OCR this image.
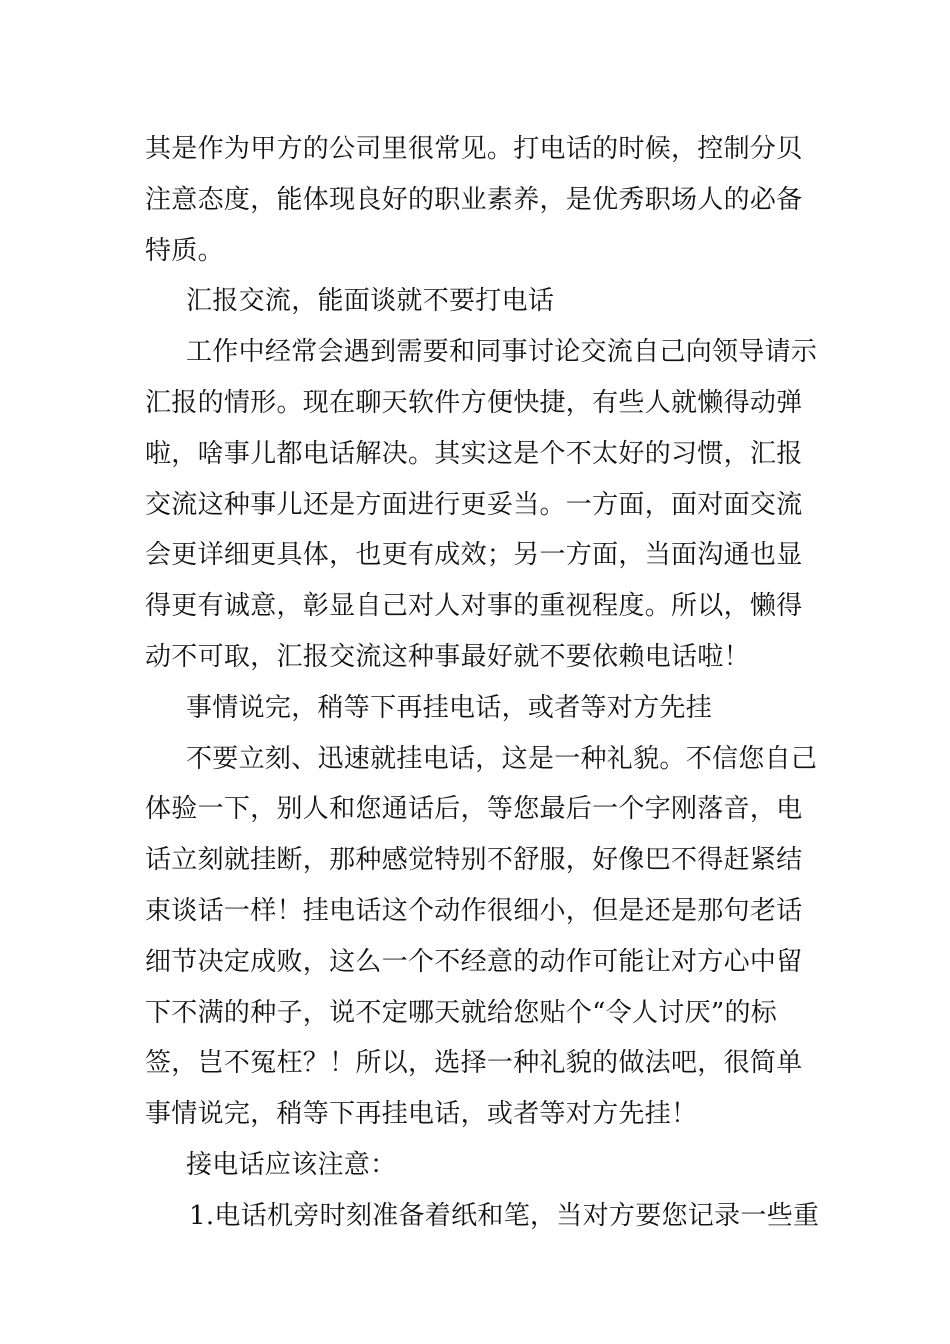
其是作为甲方的公司里很常见。打电话的时候，控制分贝
注意态度，能体现良好的职业素养，是优秀职场人的必备
特质。
汇报交流，能面谈就不要打电话
工作中经常会遇到需要和同事讨论交流自己向领导请示
汇报的情形。现在聊天软件方便快捷，有些人就懒得动弹
啦，啥事儿都电话解决。其实这是个不太好的习惯，汇报
交流这种事儿还是方面进行更妥当。一方面，面对面交流
会更详细更具体，也更有成效；另一方面，当面沟通也显
得更有诚意，彰显自己对人对事的重视程度。所以，懒得
动不可取，汇报交流这种事最好就不要依赖电话啦！
事情说完，稍等下再挂电话，或者等对方先挂
不要立刻、迅速就挂电话，这是一种礼貌。不信您自己
体验一下，别人和您通话后，等您最后一个字刚落音，电
话立刻就挂断，那种感觉特别不舒服，好像巴不得赶紧结
束谈话一样！挂电话这个动作很细小，但是还是那句老话
细节决定成败，这么一个不经意的动作可能让对方心中留
下不满的种子，说不定哪天就给您贴个“令人讨厌”的标
签，岂不冤枉？！所以，选择一种礼貌的做法吧，很简单
事情说完，稍等下再挂电话，或者等对方先挂！
接电话应该注意：
1.电话机旁时刻准备着纸和笔，当对方要您记录一些重
